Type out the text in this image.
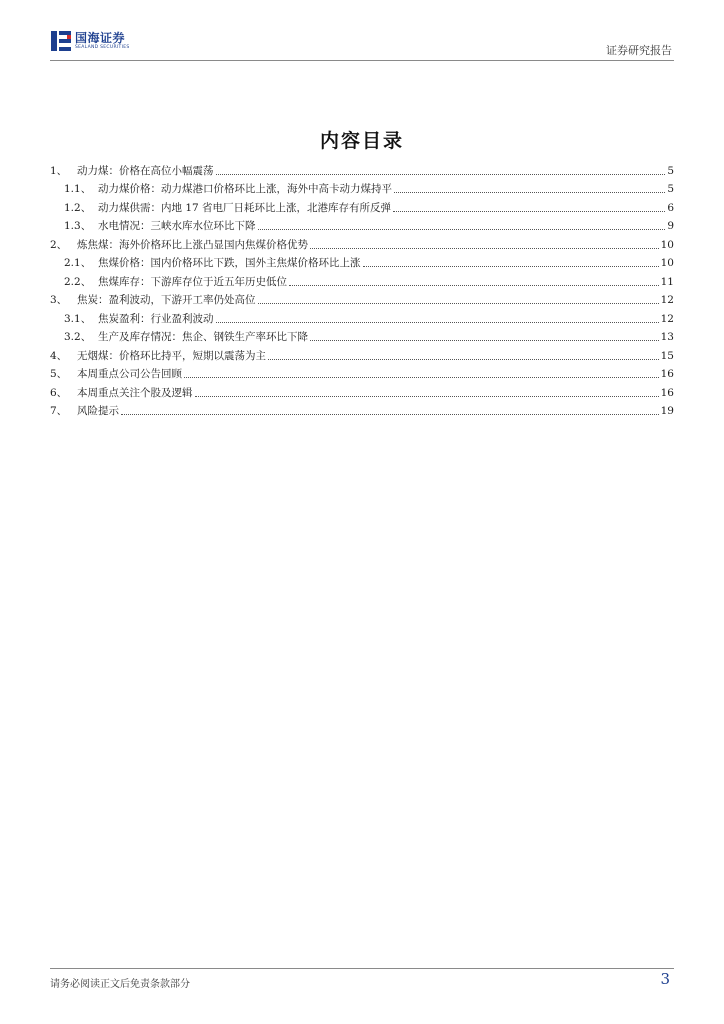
国海证券
SEALAND SECURITIES	证券研究报告
内容目录
1、 动力煤：价格在高位小幅震荡	5
1.1、 动力煤价格：动力煤港口价格环比上涨，海外中高卡动力煤持平	5
1.2、 动力煤供需：内地 17 省电厂日耗环比上涨，北港库存有所反弹	6
1.3、 水电情况：三峡水库水位环比下降	9
2、 炼焦煤：海外价格环比上涨凸显国内焦煤价格优势	10
2.1、 焦煤价格：国内价格环比下跌，国外主焦煤价格环比上涨	10
2.2、 焦煤库存：下游库存位于近五年历史低位	11
3、 焦炭：盈利波动，下游开工率仍处高位	12
3.1、 焦炭盈利：行业盈利波动	12
3.2、 生产及库存情况：焦企、钢铁生产率环比下降	13
4、 无烟煤：价格环比持平，短期以震荡为主	15
5、 本周重点公司公告回顾	16
6、 本周重点关注个股及逻辑	16
7、 风险提示	19
请务必阅读正文后免责条款部分	3
